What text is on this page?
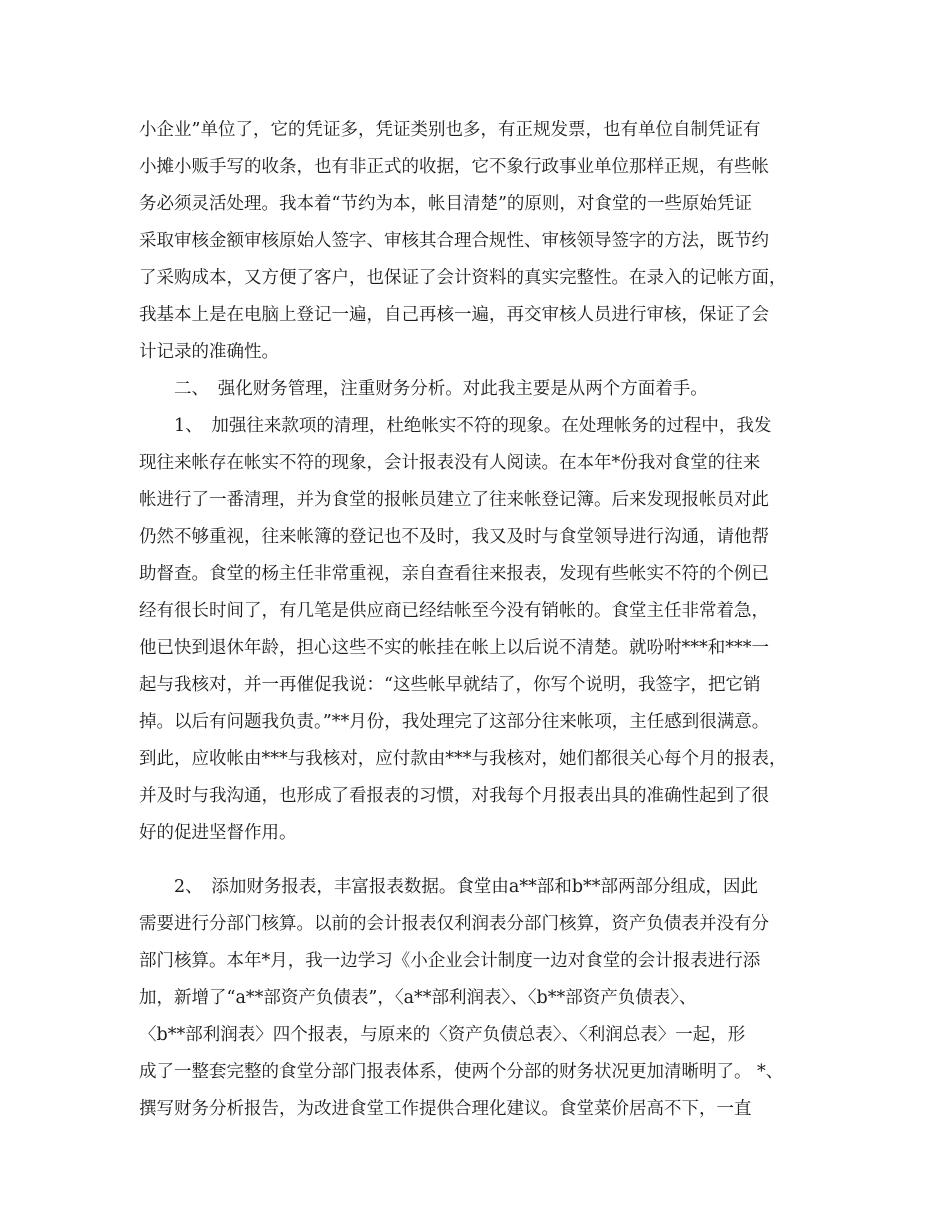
小企业”单位了，它的凭证多，凭证类别也多，有正规发票，也有单位自制凭证有
小摊小贩手写的收条，也有非正式的收据，它不象行政事业单位那样正规，有些帐
务必须灵活处理。我本着“节约为本，帐目清楚”的原则，对食堂的一些原始凭证
采取审核金额审核原始人签字、审核其合理合规性、审核领导签字的方法，既节约
了采购成本，又方便了客户，也保证了会计资料的真实完整性。在录入的记帐方面，
我基本上是在电脑上登记一遍，自己再核一遍，再交审核人员进行审核，保证了会
计记录的准确性。
　　二、　强化财务管理，注重财务分析。对此我主要是从两个方面着手。
　　1、　加强往来款项的清理，杜绝帐实不符的现象。在处理帐务的过程中，我发
现往来帐存在帐实不符的现象，会计报表没有人阅读。在本年*份我对食堂的往来
帐进行了一番清理，并为食堂的报帐员建立了往来帐登记簿。后来发现报帐员对此
仍然不够重视，往来帐簿的登记也不及时，我又及时与食堂领导进行沟通，请他帮
助督查。食堂的杨主任非常重视，亲自查看往来报表，发现有些帐实不符的个例已
经有很长时间了，有几笔是供应商已经结帐至今没有销帐的。食堂主任非常着急，
他已快到退休年龄，担心这些不实的帐挂在帐上以后说不清楚。就吩咐***和***一
起与我核对，并一再催促我说：“这些帐早就结了，你写个说明，我签字，把它销
掉。以后有问题我负责。”**月份，我处理完了这部分往来帐项，主任感到很满意。
到此，应收帐由***与我核对，应付款由***与我核对，她们都很关心每个月的报表，
并及时与我沟通，也形成了看报表的习惯，对我每个月报表出具的准确性起到了很
好的促进坚督作用。
　　2、　添加财务报表，丰富报表数据。食堂由a**部和b**部两部分组成，因此
需要进行分部门核算。以前的会计报表仅利润表分部门核算，资产负债表并没有分
部门核算。本年*月，我一边学习《小企业会计制度一边对食堂的会计报表进行添
加，新增了“a**部资产负债表”，〈a**部利润表〉、〈b**部资产负债表〉、
〈b**部利润表〉四个报表，与原来的〈资产负债总表〉、〈利润总表〉一起，形
成了一整套完整的食堂分部门报表体系，使两个分部的财务状况更加清晰明了。 *、
撰写财务分析报告，为改进食堂工作提供合理化建议。食堂菜价居高不下，一直
